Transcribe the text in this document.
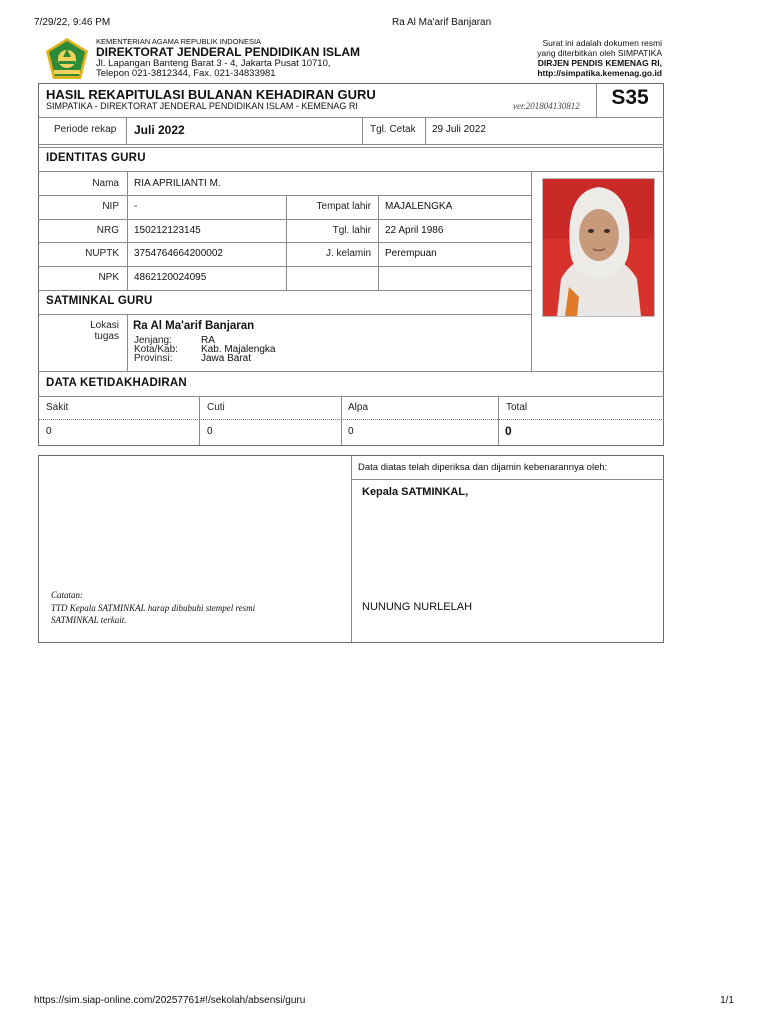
7/29/22, 9:46 PM	Ra Al Ma'arif Banjaran
KEMENTERIAN AGAMA REPUBLIK INDONESIA
DIREKTORAT JENDERAL PENDIDIKAN ISLAM
Jl. Lapangan Banteng Barat 3 - 4, Jakarta Pusat 10710,
Telepon 021-3812344, Fax. 021-34833981
Surat ini adalah dokumen resmi
yang diterbitkan oleh SIMPATIKA
DIRJEN PENDIS KEMENAG RI,
http://simpatika.kemenag.go.id
HASIL REKAPITULASI BULANAN KEHADIRAN GURU
SIMPATIKA - DIREKTORAT JENDERAL PENDIDIKAN ISLAM - KEMENAG RI	ver.201804130812	S35
Periode rekap Juli 2022	Tgl. Cetak 29 Juli 2022
IDENTITAS GURU
Nama RIA APRILIANTI M.
NIP -	Tempat lahir MAJALENGKA
NRG 150212123145	Tgl. lahir 22 April 1986
NUPTK 3754764664200002	J. kelamin Perempuan
NPK 4862120024095
SATMINKAL GURU
Lokasi
tugas
Ra Al Ma'arif Banjaran
Jenjang:	RA
Kota/Kab: Kab. Majalengka
Provinsi:	Jawa Barat
DATA KETIDAKHADIRAN
Sakit	Cuti	Alpa	Total
0	0	0	0
Data diatas telah diperiksa dan dijamin kebenarannya oleh:
Kepala SATMINKAL,
NUNUNG NURLELAH
Catatan:
TTD Kepala SATMINKAL harap dibubuhi stempel resmi
SATMINKAL terkait.
https://sim.siap-online.com/20257761#!/sekolah/absensi/guru	1/1
